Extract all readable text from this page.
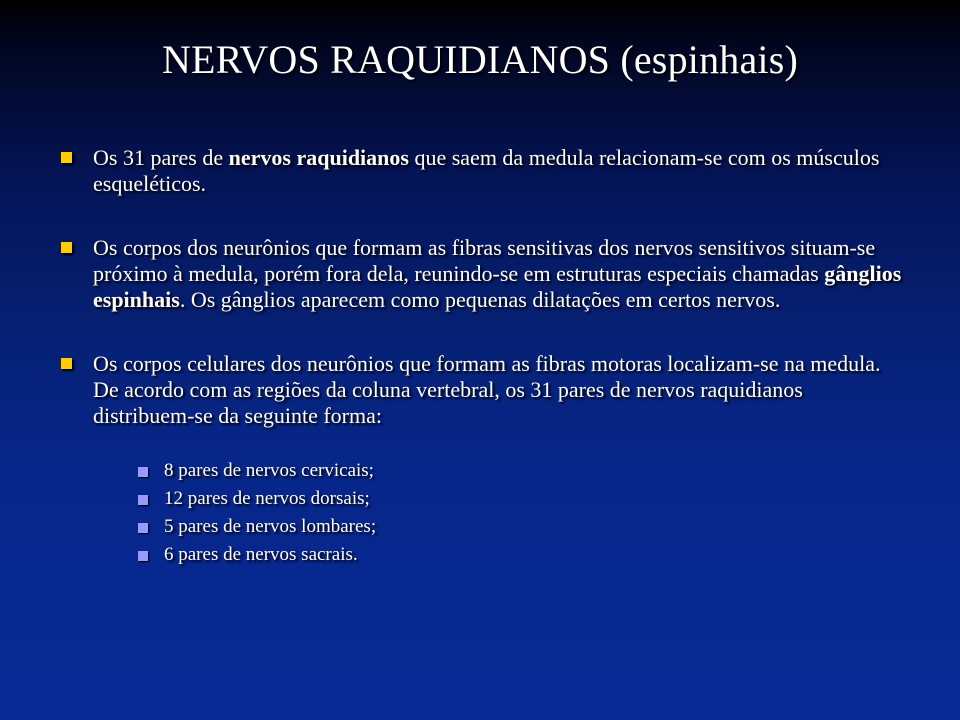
NERVOS RAQUIDIANOS (espinhais)
Os 31 pares de nervos raquidianos que saem da medula relacionam-se com os músculos esqueléticos.
Os corpos dos neurônios que formam as fibras sensitivas dos nervos sensitivos situam-se próximo à medula, porém fora dela, reunindo-se em estruturas especiais chamadas gânglios espinhais. Os gânglios aparecem como pequenas dilatações em certos nervos.
Os corpos celulares dos neurônios que formam as fibras motoras localizam-se na medula. De acordo com as regiões da coluna vertebral, os 31 pares de nervos raquidianos distribuem-se da seguinte forma:
8 pares de nervos cervicais;
12 pares de nervos dorsais;
5 pares de nervos lombares;
6 pares de nervos sacrais.
